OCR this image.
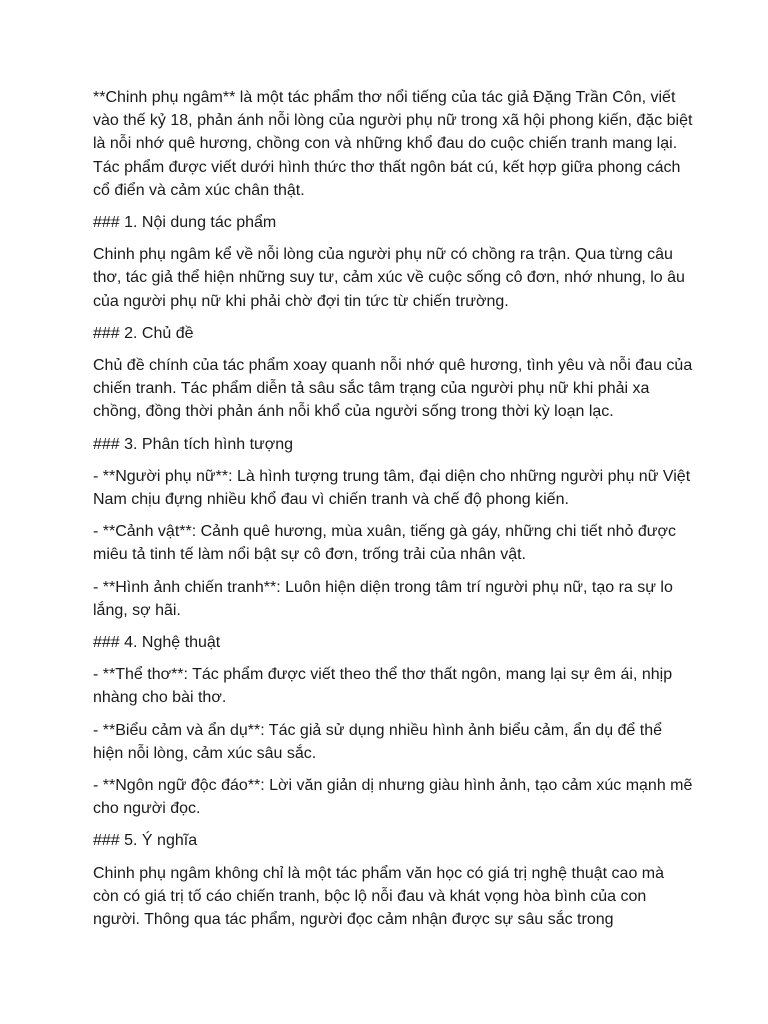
**Chinh phụ ngâm** là một tác phẩm thơ nổi tiếng của tác giả Đặng Trần Côn, viết vào thế kỷ 18, phản ánh nỗi lòng của người phụ nữ trong xã hội phong kiến, đặc biệt là nỗi nhớ quê hương, chồng con và những khổ đau do cuộc chiến tranh mang lại. Tác phẩm được viết dưới hình thức thơ thất ngôn bát cú, kết hợp giữa phong cách cổ điển và cảm xúc chân thật.

### 1. Nội dung tác phẩm

Chinh phụ ngâm kể về nỗi lòng của người phụ nữ có chồng ra trận. Qua từng câu thơ, tác giả thể hiện những suy tư, cảm xúc về cuộc sống cô đơn, nhớ nhung, lo âu của người phụ nữ khi phải chờ đợi tin tức từ chiến trường.

### 2. Chủ đề

Chủ đề chính của tác phẩm xoay quanh nỗi nhớ quê hương, tình yêu và nỗi đau của chiến tranh. Tác phẩm diễn tả sâu sắc tâm trạng của người phụ nữ khi phải xa chồng, đồng thời phản ánh nỗi khổ của người sống trong thời kỳ loạn lạc.

### 3. Phân tích hình tượng

- **Người phụ nữ**: Là hình tượng trung tâm, đại diện cho những người phụ nữ Việt Nam chịu đựng nhiều khổ đau vì chiến tranh và chế độ phong kiến.

- **Cảnh vật**: Cảnh quê hương, mùa xuân, tiếng gà gáy, những chi tiết nhỏ được miêu tả tinh tế làm nổi bật sự cô đơn, trống trải của nhân vật.

- **Hình ảnh chiến tranh**: Luôn hiện diện trong tâm trí người phụ nữ, tạo ra sự lo lắng, sợ hãi.

### 4. Nghệ thuật

- **Thể thơ**: Tác phẩm được viết theo thể thơ thất ngôn, mang lại sự êm ái, nhịp nhàng cho bài thơ.

- **Biểu cảm và ẩn dụ**: Tác giả sử dụng nhiều hình ảnh biểu cảm, ẩn dụ để thể hiện nỗi lòng, cảm xúc sâu sắc.

- **Ngôn ngữ độc đáo**: Lời văn giản dị nhưng giàu hình ảnh, tạo cảm xúc mạnh mẽ cho người đọc.

### 5. Ý nghĩa

Chinh phụ ngâm không chỉ là một tác phẩm văn học có giá trị nghệ thuật cao mà còn có giá trị tố cáo chiến tranh, bộc lộ nỗi đau và khát vọng hòa bình của con người. Thông qua tác phẩm, người đọc cảm nhận được sự sâu sắc trong
